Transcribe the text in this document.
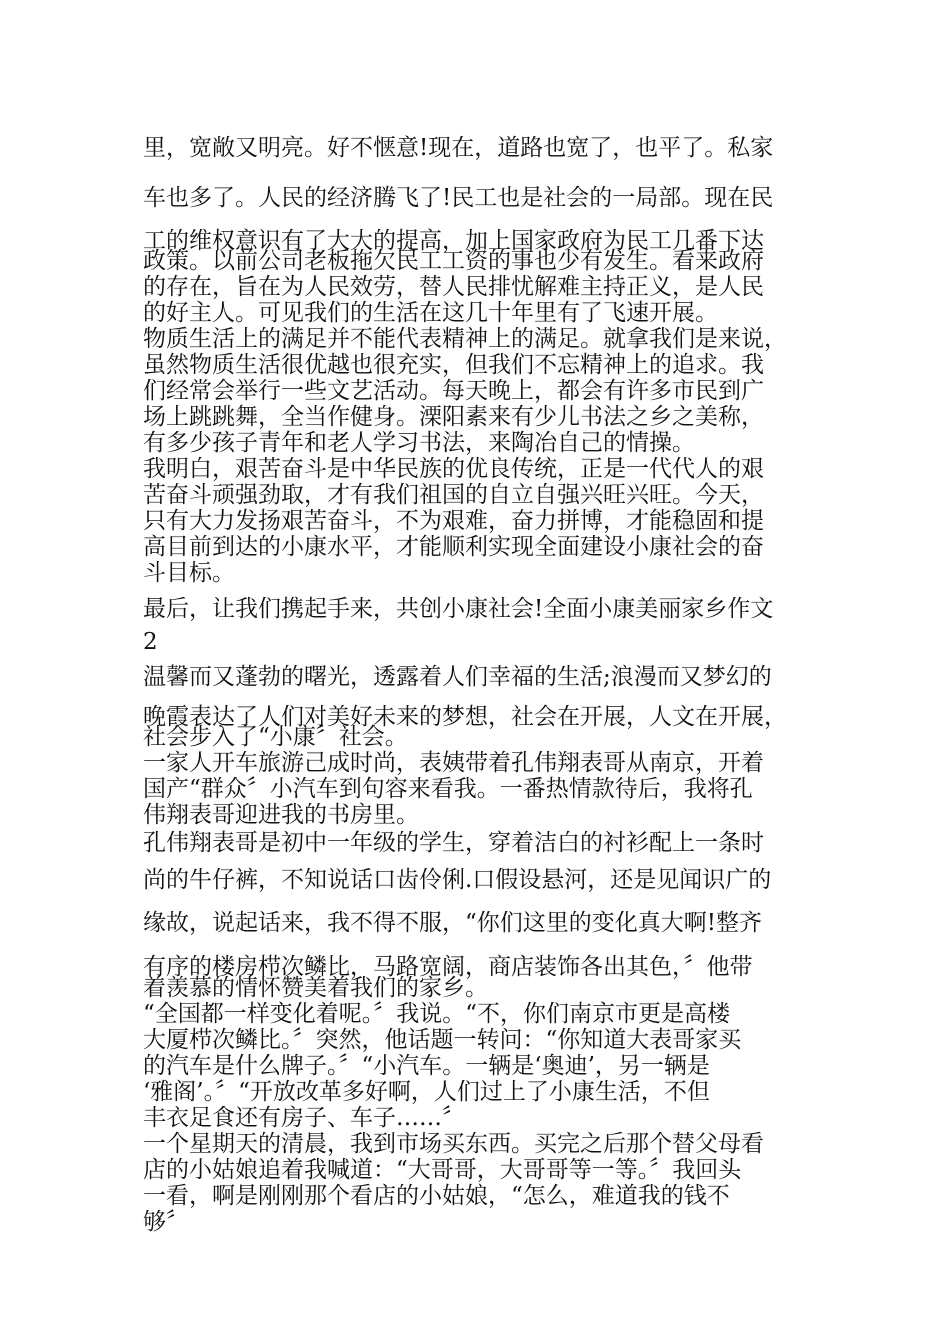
里，宽敞又明亮。好不惬意!现在，道路也宽了，也平了。私家
车也多了。人民的经济腾飞了!民工也是社会的一局部。现在民
工的维权意识有了大大的提高，加上国家政府为民工几番下达
政策。以前公司老板拖欠民工工资的事也少有发生。看来政府
的存在，旨在为人民效劳，替人民排忧解难主持正义，是人民
的好主人。可见我们的生活在这几十年里有了飞速开展。
物质生活上的满足并不能代表精神上的满足。就拿我们是来说，
虽然物质生活很优越也很充实，但我们不忘精神上的追求。我
们经常会举行一些文艺活动。每天晚上，都会有许多市民到广
场上跳跳舞，全当作健身。溧阳素来有少儿书法之乡之美称，
有多少孩子青年和老人学习书法，来陶冶自己的情操。
我明白，艰苦奋斗是中华民族的优良传统，正是一代代人的艰
苦奋斗顽强劲取，才有我们祖国的自立自强兴旺兴旺。今天，
只有大力发扬艰苦奋斗，不为艰难，奋力拼博，才能稳固和提
高目前到达的小康水平，才能顺利实现全面建设小康社会的奋
斗目标。
最后，让我们携起手来，共创小康社会!全面小康美丽家乡作文
2
温馨而又蓬勃的曙光，透露着人们幸福的生活;浪漫而又梦幻的
晚霞表达了人们对美好未来的梦想，社会在开展，人文在开展，
社会步入了“小康〞社会。
一家人开车旅游己成时尚，表姨带着孔伟翔表哥从南京，开着
国产“群众〞小汽车到句容来看我。一番热情款待后，我将孔
伟翔表哥迎进我的书房里。
孔伟翔表哥是初中一年级的学生，穿着洁白的衬衫配上一条时
尚的牛仔裤，不知说话口齿伶俐.口假设悬河，还是见闻识广的
缘故，说起话来，我不得不服，“你们这里的变化真大啊!整齐
有序的楼房栉次鳞比，马路宽阔，商店装饰各出其色，〞他带
着羡慕的情怀赞美着我们的家乡。
“全国都一样变化着呢。〞我说。“不，你们南京市更是高楼
大厦栉次鳞比。〞突然，他话题一转问：“你知道大表哥家买
的汽车是什么牌子。〞“小汽车。一辆是‘奥迪’，另一辆是
‘雅阁’。〞“开放改革多好啊，人们过上了小康生活，不但
丰衣足食还有房子、车子……〞
一个星期天的清晨，我到市场买东西。买完之后那个替父母看
店的小姑娘追着我喊道：“大哥哥，大哥哥等一等。〞我回头
一看，啊是刚刚那个看店的小姑娘，“怎么，难道我的钱不
够〞
